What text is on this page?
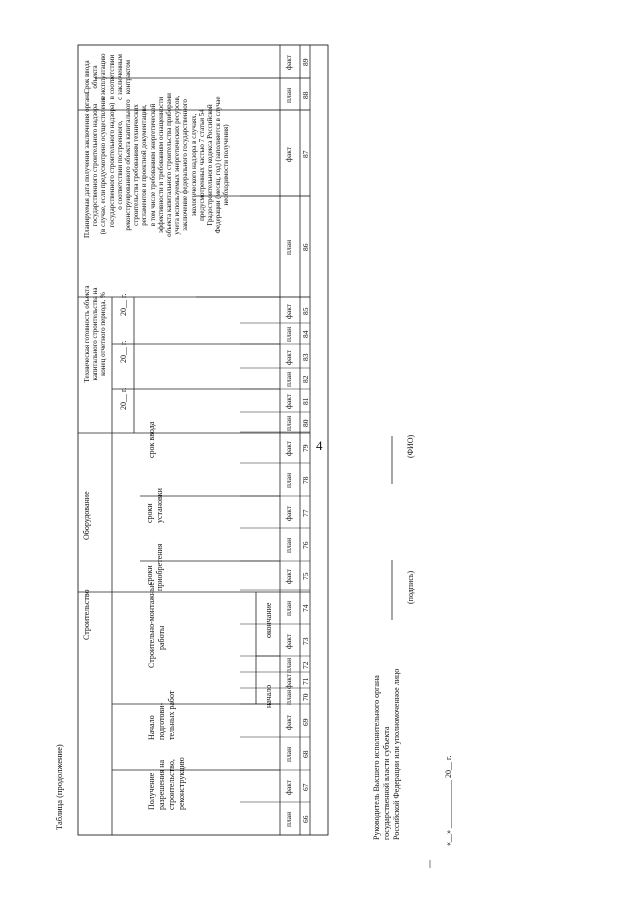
4
Таблица (продолжение)
Строительство
Оборудование
Техническая готовность объекта капитального строительства на конец отчетного периода, %
Планируемая дата получения заключения органа государственного строительного надзора (в случае, если предусмотрено осуществление государственного строительного надзора) о соответствии построенного, реконструированного объекта капитального строительства требованиям технических регламентов и проектной документации, в том числе требованиям энергетической эффективности и требованиям оснащенности объекта капитального строительства приборами учета используемых энергетических ресурсов, заключение федерального государственного экологического надзора в случаях, предусмотренных частью 7 статьи 54 Градостроительного кодекса Российской Федерации (месяц, год) (заполняется в случае необходимости получения)
Срок ввода объекта в эксплуатацию в соответствии с заключенным контрактом
Получение разрешения на строительство, реконструкцию
Начало подготови- тельных работ
Строительно-монтажные работы
начало
окончание
сроки приобретения
сроки установки
срок ввода
20__ г.
20__ г.
20__ г.
план
факт
план
факт
план
факт
план
факт
план
факт
план
факт
план
факт
план
факт
план
факт
план
факт
план
факт
план
факт
66
67
68
69
70
71
72
73
74
75
76
77
78
79
80
81
82
83
84
85
86
87
88
89
Руководитель Высшего исполнительного органа государственной власти субъекта Российской Федерации или уполномоченное лицо
(подпись)
(ФИО)
«__» ____________ 20__ г.
